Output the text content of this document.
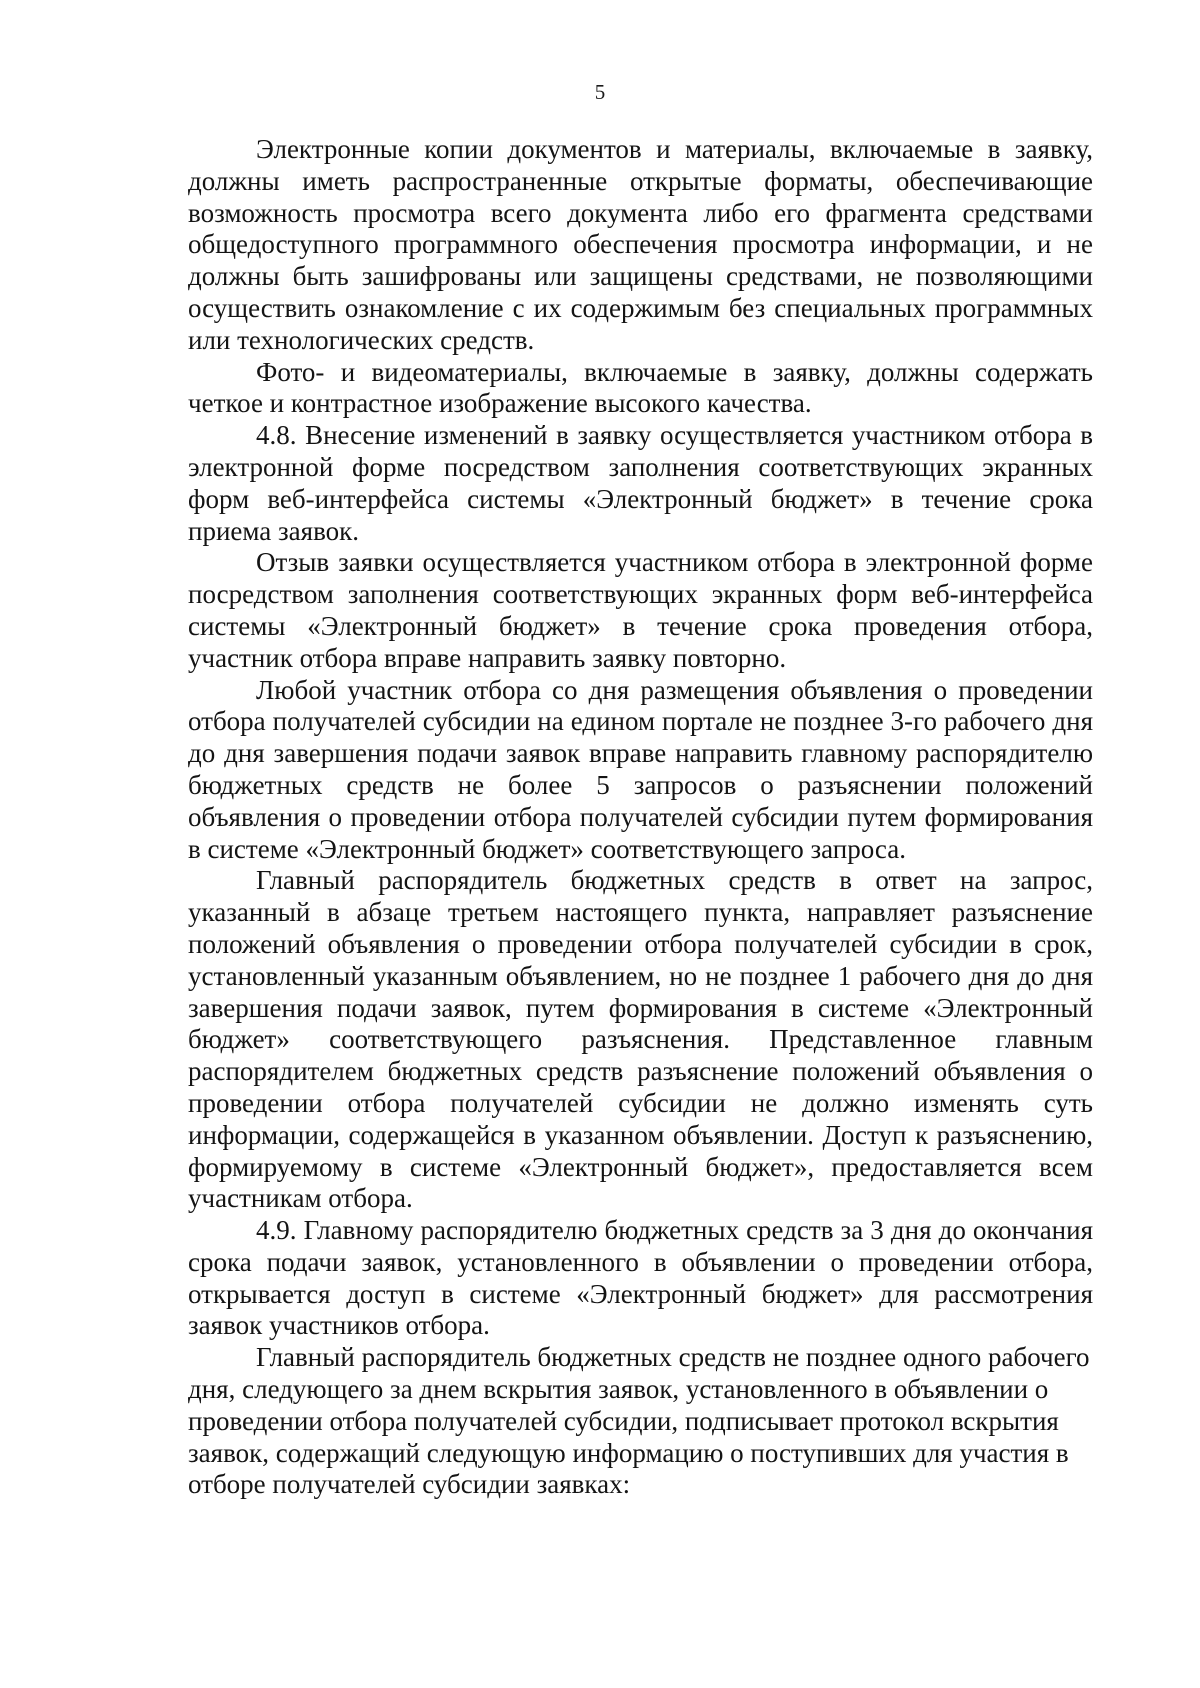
5

Электронные копии документов и материалы, включаемые в заявку, должны иметь распространенные открытые форматы, обеспечивающие возможность просмотра всего документа либо его фрагмента средствами общедоступного программного обеспечения просмотра информации, и не должны быть зашифрованы или защищены средствами, не позволяющими осуществить ознакомление с их содержимым без специальных программных или технологических средств.

Фото- и видеоматериалы, включаемые в заявку, должны содержать четкое и контрастное изображение высокого качества.

4.8. Внесение изменений в заявку осуществляется участником отбора в электронной форме посредством заполнения соответствующих экранных форм веб-интерфейса системы «Электронный бюджет» в течение срока приема заявок.

Отзыв заявки осуществляется участником отбора в электронной форме посредством заполнения соответствующих экранных форм веб-интерфейса системы «Электронный бюджет» в течение срока проведения отбора, участник отбора вправе направить заявку повторно.

Любой участник отбора со дня размещения объявления о проведении отбора получателей субсидии на едином портале не позднее 3-го рабочего дня до дня завершения подачи заявок вправе направить главному распорядителю бюджетных средств не более 5 запросов о разъяснении положений объявления о проведении отбора получателей субсидии путем формирования в системе «Электронный бюджет» соответствующего запроса.

Главный распорядитель бюджетных средств в ответ на запрос, указанный в абзаце третьем настоящего пункта, направляет разъяснение положений объявления о проведении отбора получателей субсидии в срок, установленный указанным объявлением, но не позднее 1 рабочего дня до дня завершения подачи заявок, путем формирования в системе «Электронный бюджет» соответствующего разъяснения. Представленное главным распорядителем бюджетных средств разъяснение положений объявления о проведении отбора получателей субсидии не должно изменять суть информации, содержащейся в указанном объявлении. Доступ к разъяснению, формируемому в системе «Электронный бюджет», предоставляется всем участникам отбора.

4.9. Главному распорядителю бюджетных средств за 3 дня до окончания срока подачи заявок, установленного в объявлении о проведении отбора, открывается доступ в системе «Электронный бюджет» для рассмотрения заявок участников отбора.

Главный распорядитель бюджетных средств не позднее одного рабочего дня, следующего за днем вскрытия заявок, установленного в объявлении о проведении отбора получателей субсидии, подписывает протокол вскрытия заявок, содержащий следующую информацию о поступивших для участия в отборе получателей субсидии заявках:
